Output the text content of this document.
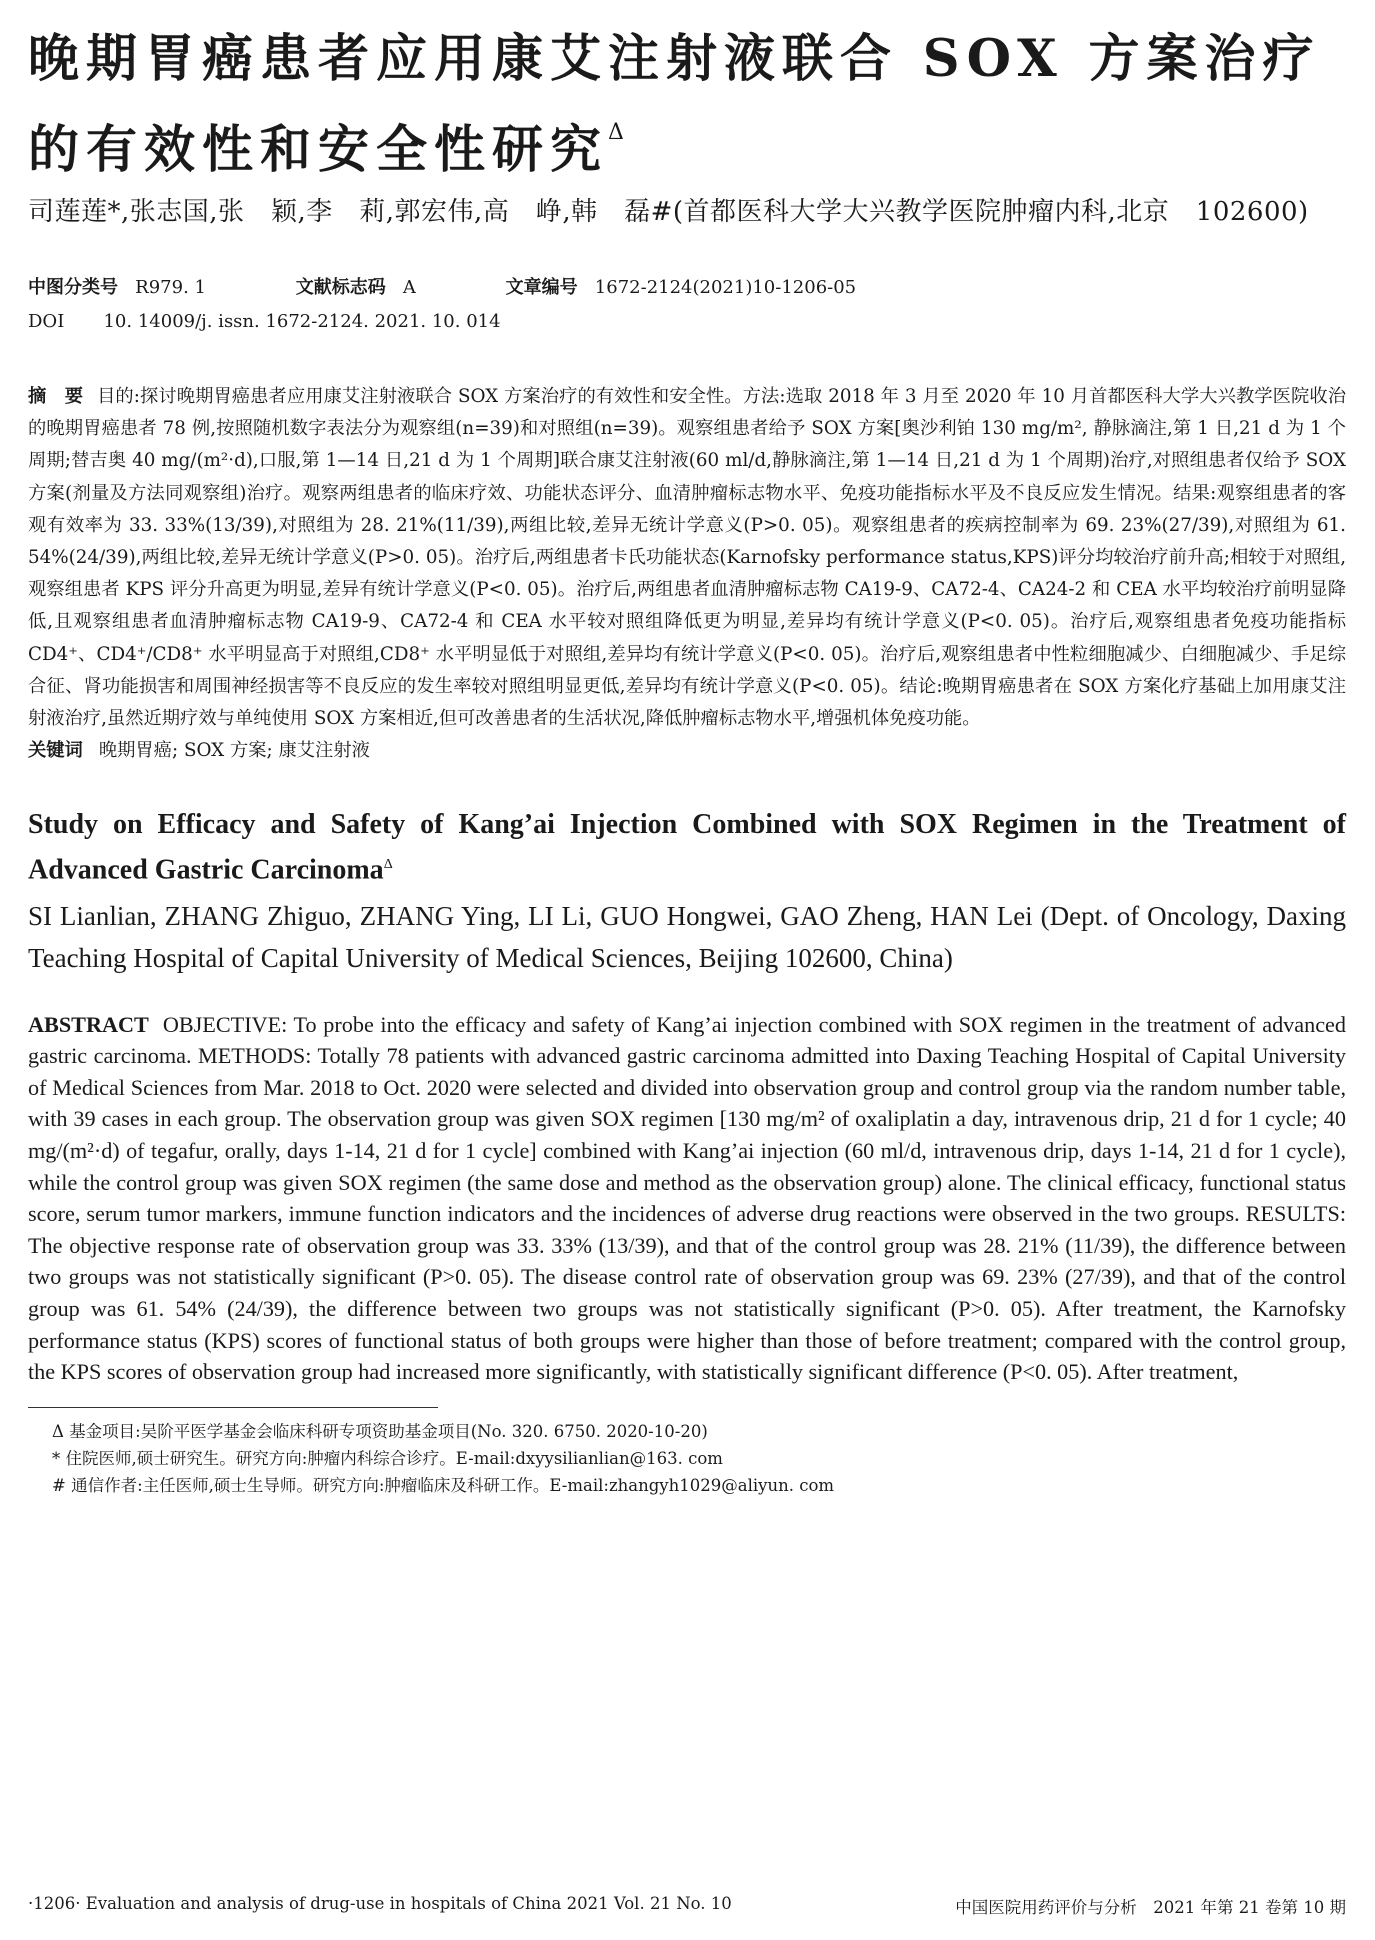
晚期胃癌患者应用康艾注射液联合 SOX 方案治疗的有效性和安全性研究$^\Delta$
司莲莲*,张志国,张　颖,李　莉,郭宏伟,高　峥,韩　磊#(首都医科大学大兴教学医院肿瘤内科,北京　102600)
中图分类号 R979. 1	文献标志码 A	文章编号 1672-2124(2021)10-1206-05
DOI 10. 14009/j. issn. 1672-2124. 2021. 10. 014
摘　要 目的:探讨晚期胃癌患者应用康艾注射液联合 SOX 方案治疗的有效性和安全性。方法:选取 2018 年 3 月至 2020 年 10 月首都医科大学大兴教学医院收治的晚期胃癌患者 78 例,按照随机数字表法分为观察组(n=39)和对照组(n=39)。观察组患者给予 SOX 方案[奥沙利铂 130 mg/m², 静脉滴注,第 1 日,21 d 为 1 个周期;替吉奥 40 mg/(m²·d),口服,第 1—14 日,21 d 为 1 个周期]联合康艾注射液(60 ml/d,静脉滴注,第 1—14 日,21 d 为 1 个周期)治疗,对照组患者仅给予 SOX 方案(剂量及方法同观察组)治疗。观察两组患者的临床疗效、功能状态评分、血清肿瘤标志物水平、免疫功能指标水平及不良反应发生情况。结果:观察组患者的客观有效率为 33. 33%(13/39),对照组为 28. 21%(11/39),两组比较,差异无统计学意义(P>0. 05)。观察组患者的疾病控制率为 69. 23%(27/39),对照组为 61. 54%(24/39),两组比较,差异无统计学意义(P>0. 05)。治疗后,两组患者卡氏功能状态(Karnofsky performance status,KPS)评分均较治疗前升高;相较于对照组,观察组患者 KPS 评分升高更为明显,差异有统计学意义(P<0. 05)。治疗后,两组患者血清肿瘤标志物 CA19-9、CA72-4、CA24-2 和 CEA 水平均较治疗前明显降低,且观察组患者血清肿瘤标志物 CA19-9、CA72-4 和 CEA 水平较对照组降低更为明显,差异均有统计学意义(P<0. 05)。治疗后,观察组患者免疫功能指标 CD4⁺、CD4⁺/CD8⁺ 水平明显高于对照组,CD8⁺ 水平明显低于对照组,差异均有统计学意义(P<0. 05)。治疗后,观察组患者中性粒细胞减少、白细胞减少、手足综合征、肾功能损害和周围神经损害等不良反应的发生率较对照组明显更低,差异均有统计学意义(P<0. 05)。结论:晚期胃癌患者在 SOX 方案化疗基础上加用康艾注射液治疗,虽然近期疗效与单纯使用 SOX 方案相近,但可改善患者的生活状况,降低肿瘤标志物水平,增强机体免疫功能。
关键词 晚期胃癌; SOX 方案; 康艾注射液
Study on Efficacy and Safety of Kang’ai Injection Combined with SOX Regimen in the Treatment of Advanced Gastric Carcinoma$^\Delta$
SI Lianlian, ZHANG Zhiguo, ZHANG Ying, LI Li, GUO Hongwei, GAO Zheng, HAN Lei (Dept. of Oncology, Daxing Teaching Hospital of Capital University of Medical Sciences, Beijing 102600, China)
ABSTRACT OBJECTIVE: To probe into the efficacy and safety of Kang’ai injection combined with SOX regimen in the treatment of advanced gastric carcinoma. METHODS: Totally 78 patients with advanced gastric carcinoma admitted into Daxing Teaching Hospital of Capital University of Medical Sciences from Mar. 2018 to Oct. 2020 were selected and divided into observation group and control group via the random number table, with 39 cases in each group. The observation group was given SOX regimen [130 mg/m² of oxaliplatin a day, intravenous drip, 21 d for 1 cycle; 40 mg/(m²·d) of tegafur, orally, days 1-14, 21 d for 1 cycle] combined with Kang’ai injection (60 ml/d, intravenous drip, days 1-14, 21 d for 1 cycle), while the control group was given SOX regimen (the same dose and method as the observation group) alone. The clinical efficacy, functional status score, serum tumor markers, immune function indicators and the incidences of adverse drug reactions were observed in the two groups. RESULTS: The objective response rate of observation group was 33. 33% (13/39), and that of the control group was 28. 21% (11/39), the difference between two groups was not statistically significant (P>0. 05). The disease control rate of observation group was 69. 23% (27/39), and that of the control group was 61. 54% (24/39), the difference between two groups was not statistically significant (P>0. 05). After treatment, the Karnofsky performance status (KPS) scores of functional status of both groups were higher than those of before treatment; compared with the control group, the KPS scores of observation group had increased more significantly, with statistically significant difference (P<0. 05). After treatment,
Δ 基金项目:吴阶平医学基金会临床科研专项资助基金项目(No. 320. 6750. 2020-10-20)
* 住院医师,硕士研究生。研究方向:肿瘤内科综合诊疗。E-mail:dxyysilianlian@163. com
# 通信作者:主任医师,硕士生导师。研究方向:肿瘤临床及科研工作。E-mail:zhangyh1029@aliyun. com
·1206· Evaluation and analysis of drug-use in hospitals of China 2021 Vol. 21 No. 10	中国医院用药评价与分析　2021 年第 21 卷第 10 期
